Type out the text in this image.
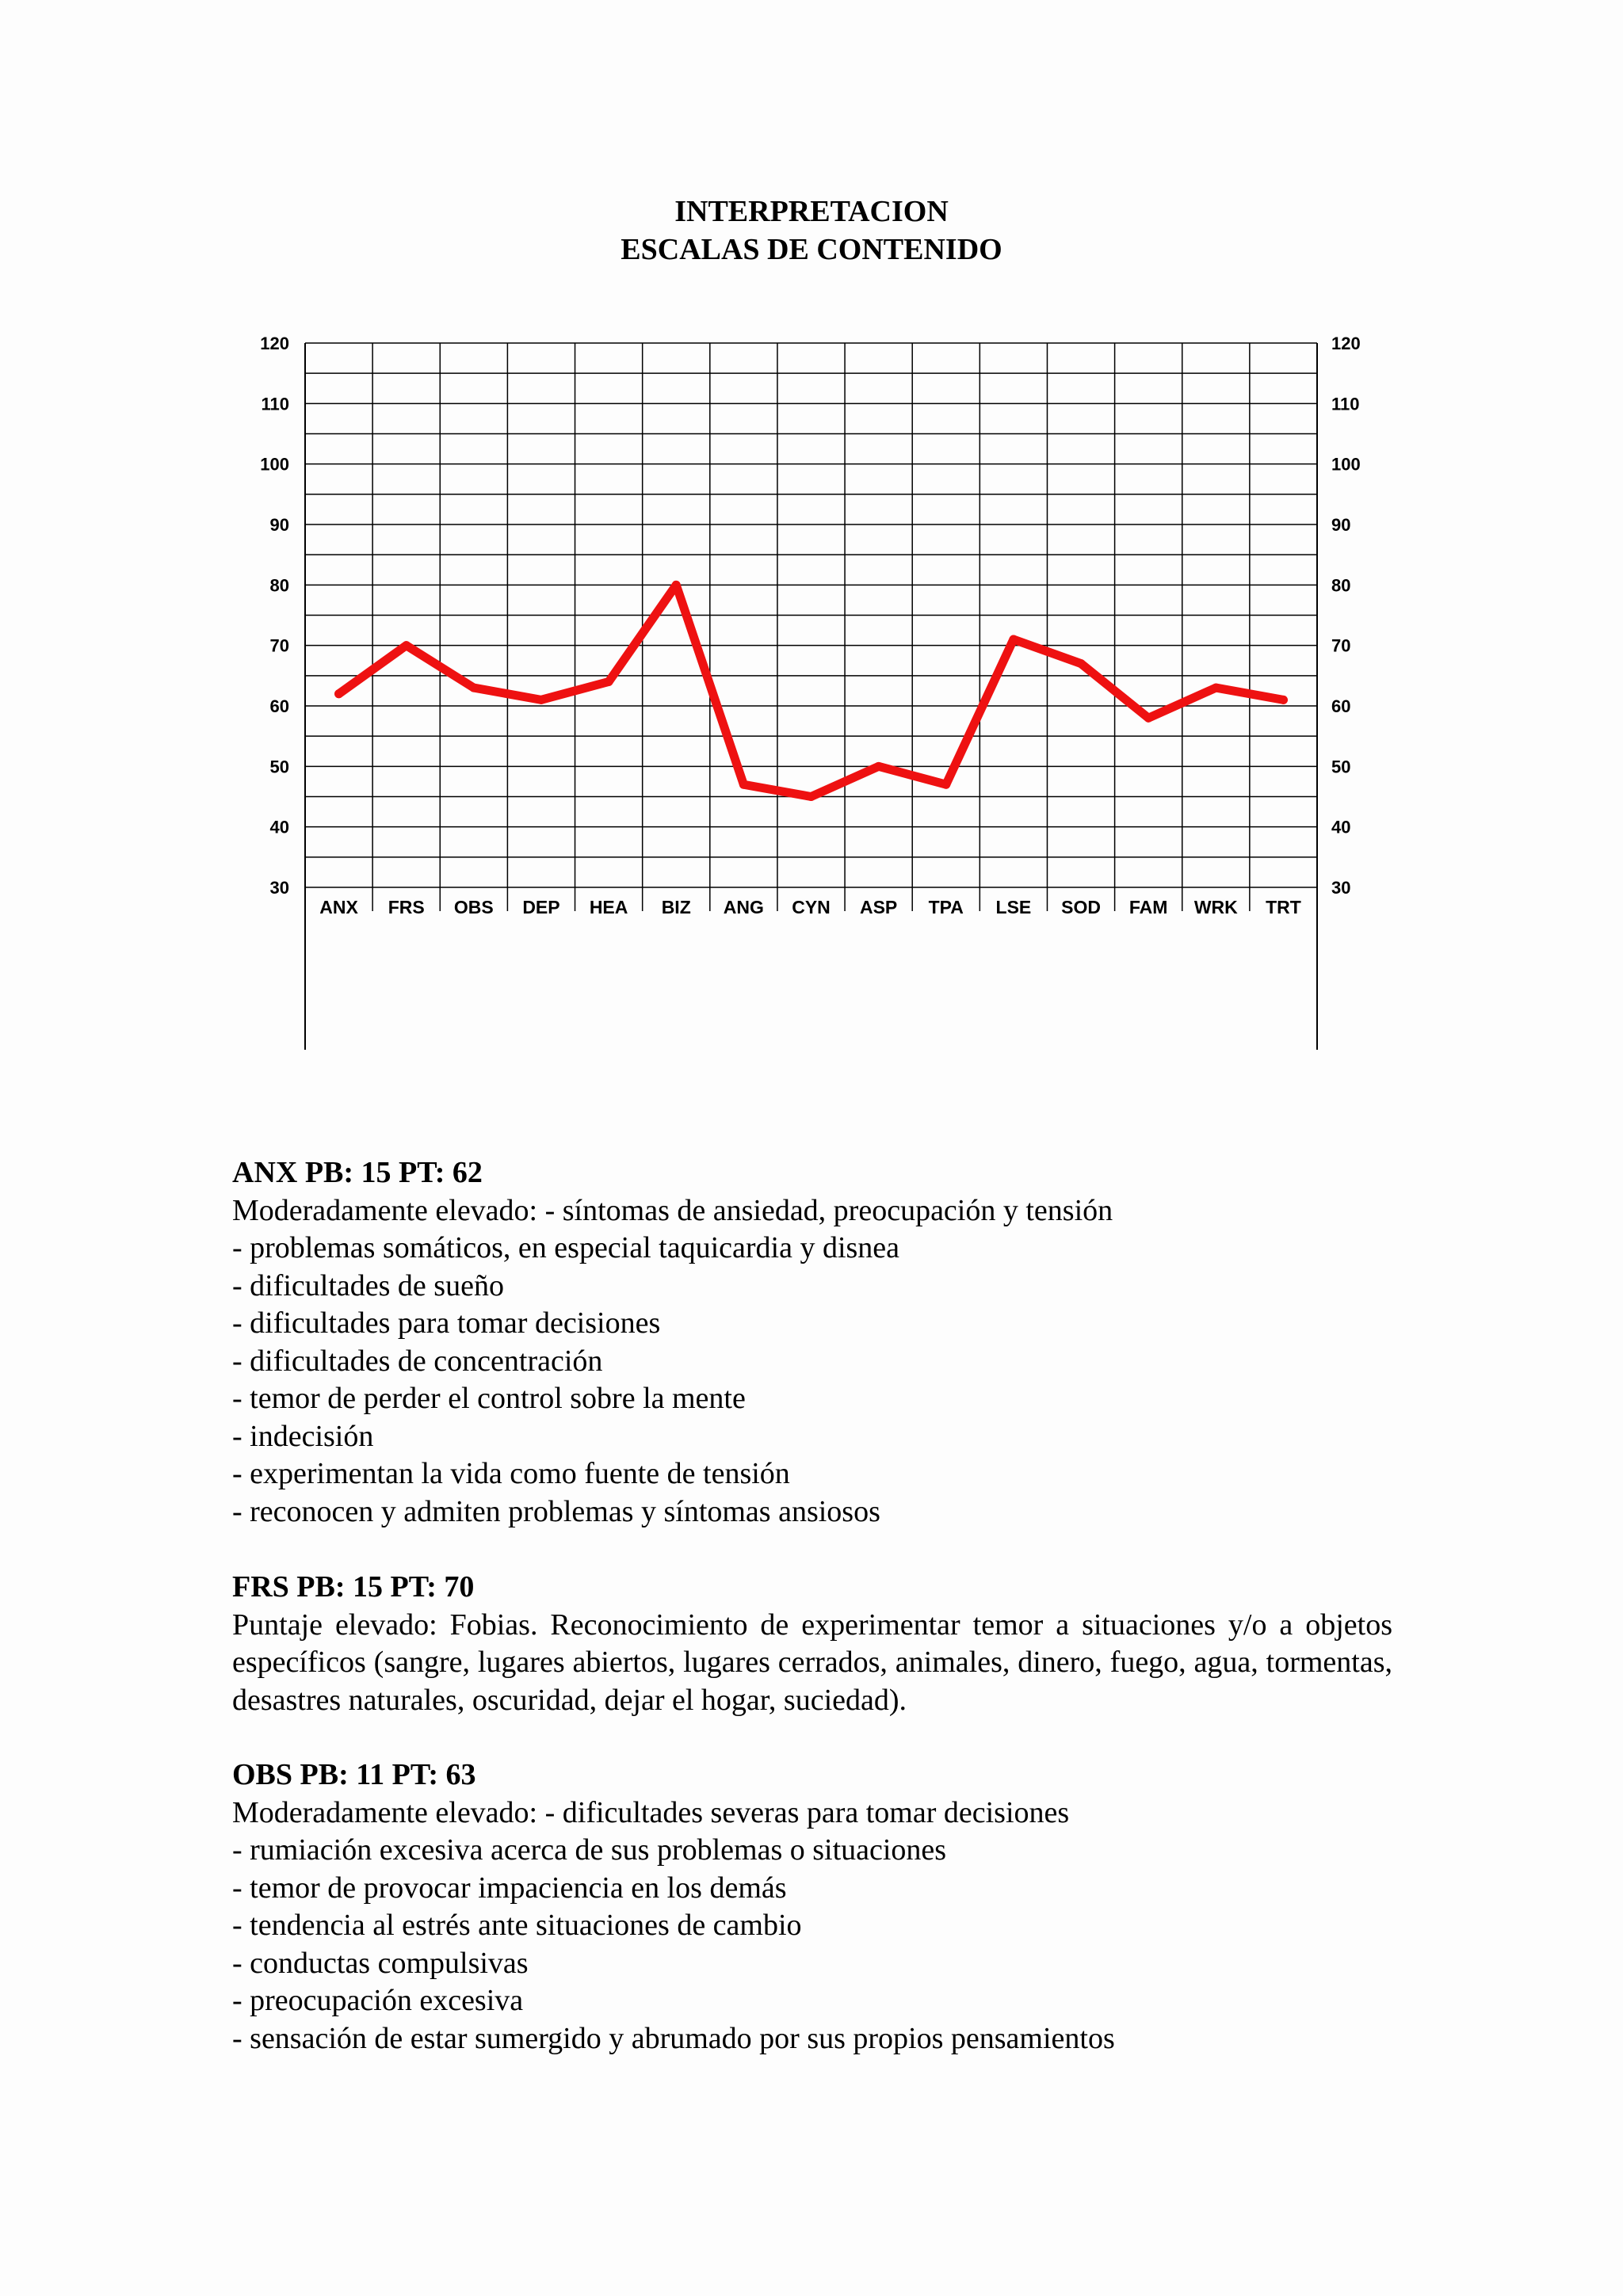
INTERPRETACION
ESCALAS DE CONTENIDO
30	30
40	40
50	50
60	60
70	70
80	80
90	90
100	100
110	110
120	120
ANX FRS OBS DEP HEA BIZ ANG CYN ASP TPA LSE SOD FAM WRK TRT
ANX PB: 15 PT: 62
Moderadamente elevado: - síntomas de ansiedad, preocupación y tensión
- problemas somáticos, en especial taquicardia y disnea
- dificultades de sueño
- dificultades para tomar decisiones
- dificultades de concentración
- temor de perder el control sobre la mente
- indecisión
- experimentan la vida como fuente de tensión
- reconocen y admiten problemas y síntomas ansiosos
FRS PB: 15 PT: 70
Puntaje elevado: Fobias. Reconocimiento de experimentar temor a situaciones y/o a objetos específicos (sangre, lugares abiertos, lugares cerrados, animales, dinero, fuego, agua, tormentas, desastres naturales, oscuridad, dejar el hogar, suciedad).
OBS PB: 11 PT: 63
Moderadamente elevado: - dificultades severas para tomar decisiones
- rumiación excesiva acerca de sus problemas o situaciones
- temor de provocar impaciencia en los demás
- tendencia al estrés ante situaciones de cambio
- conductas compulsivas
- preocupación excesiva
- sensación de estar sumergido y abrumado por sus propios pensamientos
